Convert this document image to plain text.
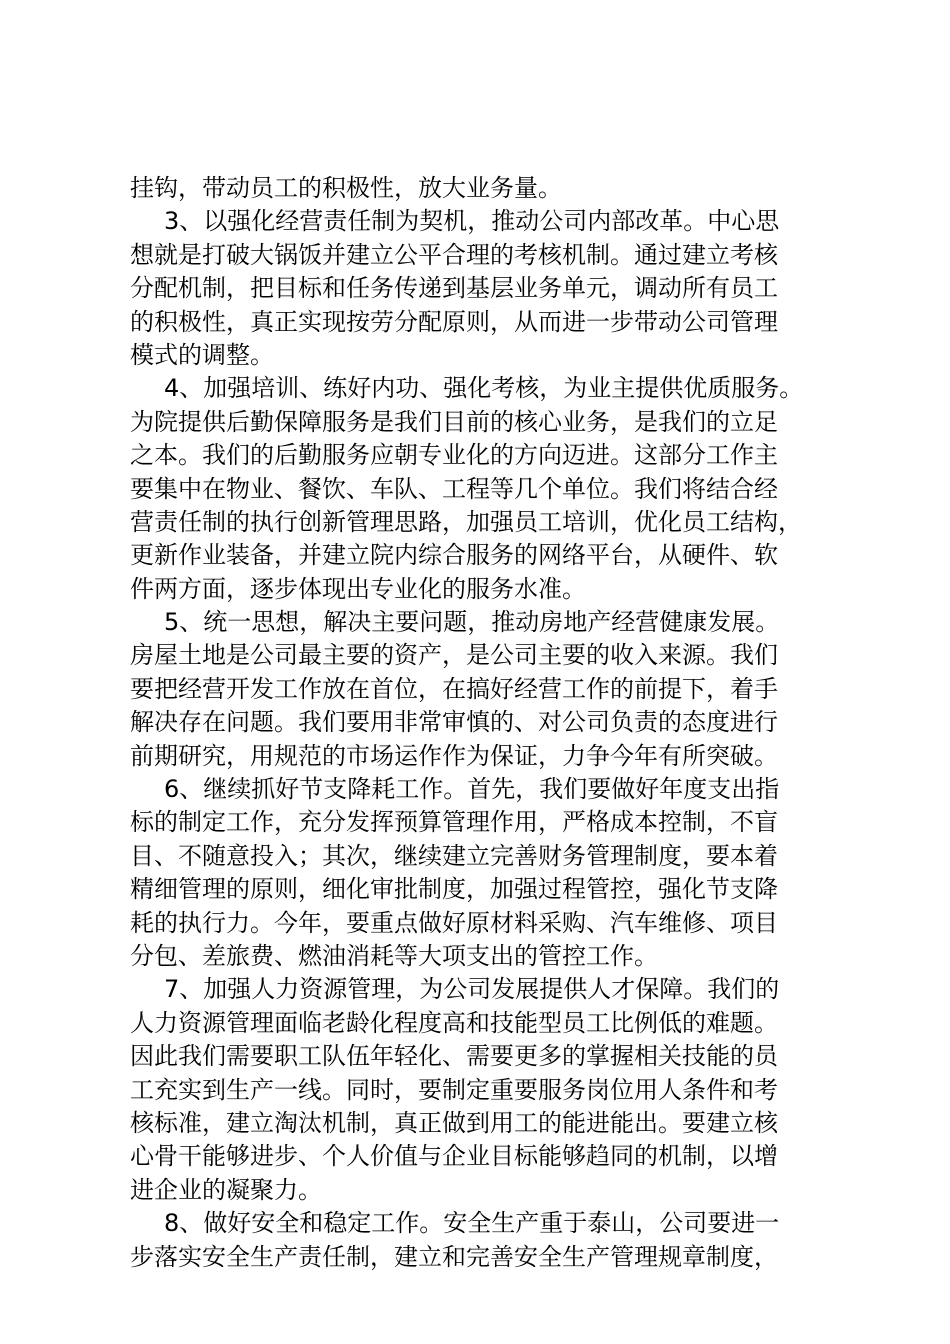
挂钩，带动员工的积极性，放大业务量。
3、以强化经营责任制为契机，推动公司内部改革。中心思
想就是打破大锅饭并建立公平合理的考核机制。通过建立考核
分配机制，把目标和任务传递到基层业务单元，调动所有员工
的积极性，真正实现按劳分配原则，从而进一步带动公司管理
模式的调整。
4、加强培训、练好内功、强化考核，为业主提供优质服务。
为院提供后勤保障服务是我们目前的核心业务，是我们的立足
之本。我们的后勤服务应朝专业化的方向迈进。这部分工作主
要集中在物业、餐饮、车队、工程等几个单位。我们将结合经
营责任制的执行创新管理思路，加强员工培训，优化员工结构，
更新作业装备，并建立院内综合服务的网络平台，从硬件、软
件两方面，逐步体现出专业化的服务水准。
5、统一思想，解决主要问题，推动房地产经营健康发展。
房屋土地是公司最主要的资产，是公司主要的收入来源。我们
要把经营开发工作放在首位，在搞好经营工作的前提下，着手
解决存在问题。我们要用非常审慎的、对公司负责的态度进行
前期研究，用规范的市场运作作为保证，力争今年有所突破。
6、继续抓好节支降耗工作。首先，我们要做好年度支出指
标的制定工作，充分发挥预算管理作用，严格成本控制，不盲
目、不随意投入；其次，继续建立完善财务管理制度，要本着
精细管理的原则，细化审批制度，加强过程管控，强化节支降
耗的执行力。今年，要重点做好原材料采购、汽车维修、项目
分包、差旅费、燃油消耗等大项支出的管控工作。
7、加强人力资源管理，为公司发展提供人才保障。我们的
人力资源管理面临老龄化程度高和技能型员工比例低的难题。
因此我们需要职工队伍年轻化、需要更多的掌握相关技能的员
工充实到生产一线。同时，要制定重要服务岗位用人条件和考
核标准，建立淘汰机制，真正做到用工的能进能出。要建立核
心骨干能够进步、个人价值与企业目标能够趋同的机制，以增
进企业的凝聚力。
8、做好安全和稳定工作。安全生产重于泰山，公司要进一
步落实安全生产责任制，建立和完善安全生产管理规章制度，
